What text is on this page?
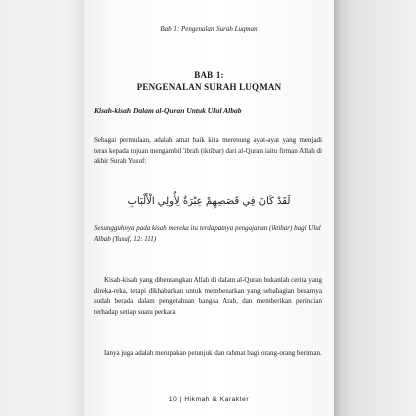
Bab 1: Pengenalan Surah Luqman
BAB 1:
PENGENALAN SURAH LUQMAN
Kisah-kisah Dalam al-Quran Untuk Ulul Albab

Sebagai permulaan, adalah amat baik kita merenung ayat-ayat yang menjadi teras kepada tujuan mengambil 'ibrah (iktibar) dari al-Quran iaitu firman Allah di akhir Surah Yusuf:

لَقَدْ كَانَ فِي قَصَصِهِمْ عِبْرَةٌ لِأُولِي الْأَلْبَابِ

Sesungguhnya pada kisah mereka itu terdapatnya pengajaran (iktibar) bagi Ulul Albab (Yusuf, 12: 111)

Kisah-kisah yang dibentangkan Allah di dalam al-Quran bukanlah cerita yang direka-reka, tetapi dikhabarkan untuk membenarkan yang sebahagian besarnya sudah berada dalam pengetahuan bangsa Arab, dan memberikan perincian terhadap setiap suatu perkara

Ianya juga adalah merupakan petunjuk dan rahmat bagi orang-orang beriman.

10 | Hikmah & Karakter
